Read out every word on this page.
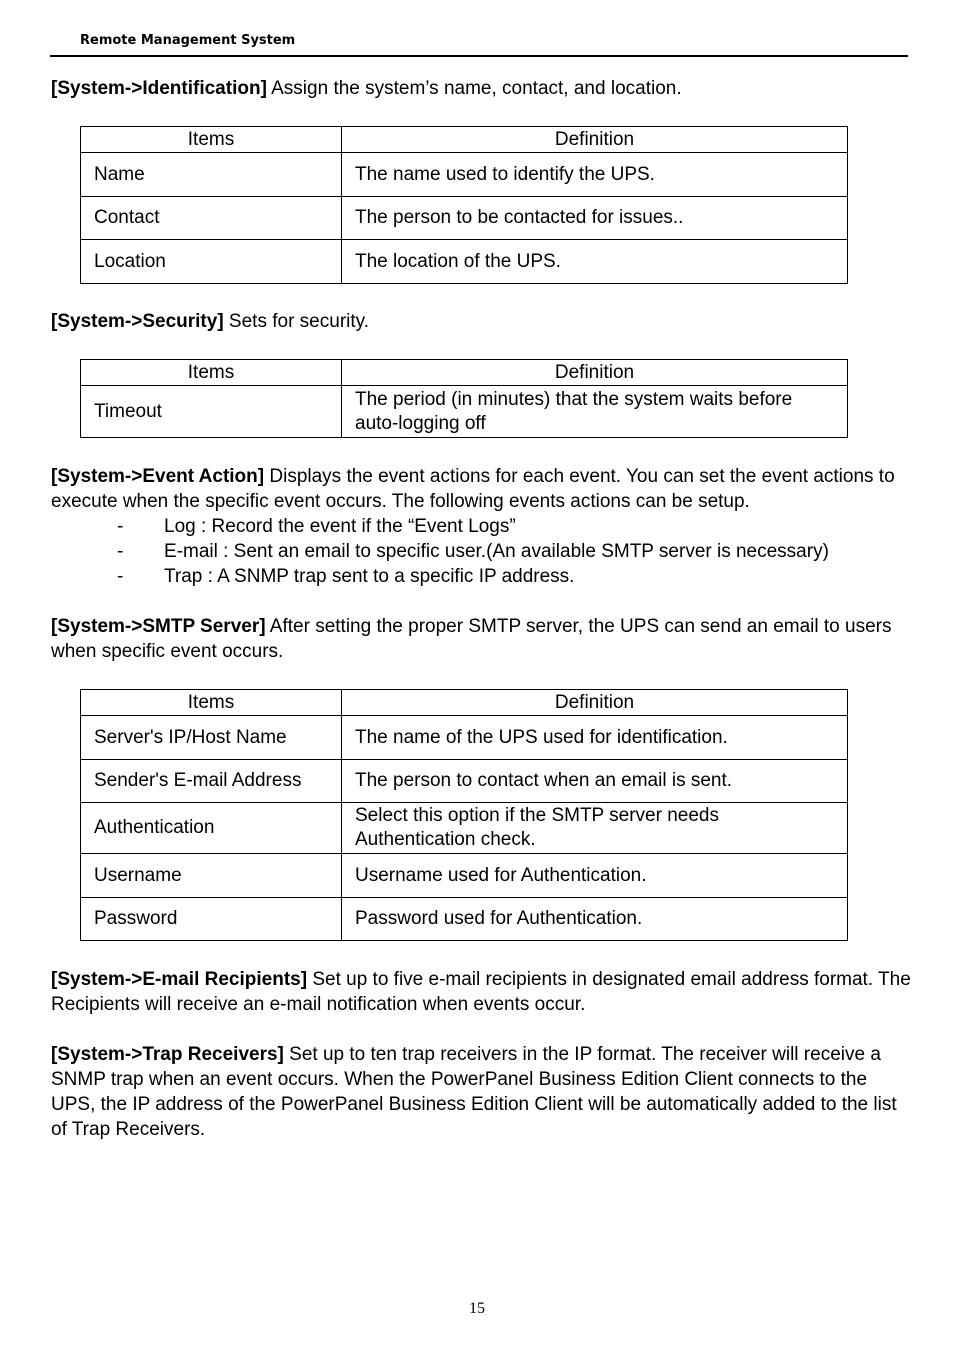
Remote Management System
[System->Identification] Assign the system’s name, contact, and location.
Items	Definition
Name	The name used to identify the UPS.
Contact	The person to be contacted for issues..
Location	The location of the UPS.
[System->Security] Sets for security.
Items	Definition
Timeout	The period (in minutes) that the system waits before auto-logging off
[System->Event Action] Displays the event actions for each event. You can set the event actions to execute when the specific event occurs. The following events actions can be setup.
- Log : Record the event if the “Event Logs”
- E-mail : Sent an email to specific user.(An available SMTP server is necessary)
- Trap : A SNMP trap sent to a specific IP address.
[System->SMTP Server] After setting the proper SMTP server, the UPS can send an email to users when specific event occurs.
Items	Definition
Server's IP/Host Name	The name of the UPS used for identification.
Sender's E-mail Address	The person to contact when an email is sent.
Authentication	Select this option if the SMTP server needs Authentication check.
Username	Username used for Authentication.
Password	Password used for Authentication.
[System->E-mail Recipients] Set up to five e-mail recipients in designated email address format. The Recipients will receive an e-mail notification when events occur.
[System->Trap Receivers] Set up to ten trap receivers in the IP format. The receiver will receive a SNMP trap when an event occurs. When the PowerPanel Business Edition Client connects to the UPS, the IP address of the PowerPanel Business Edition Client will be automatically added to the list of Trap Receivers.
15
